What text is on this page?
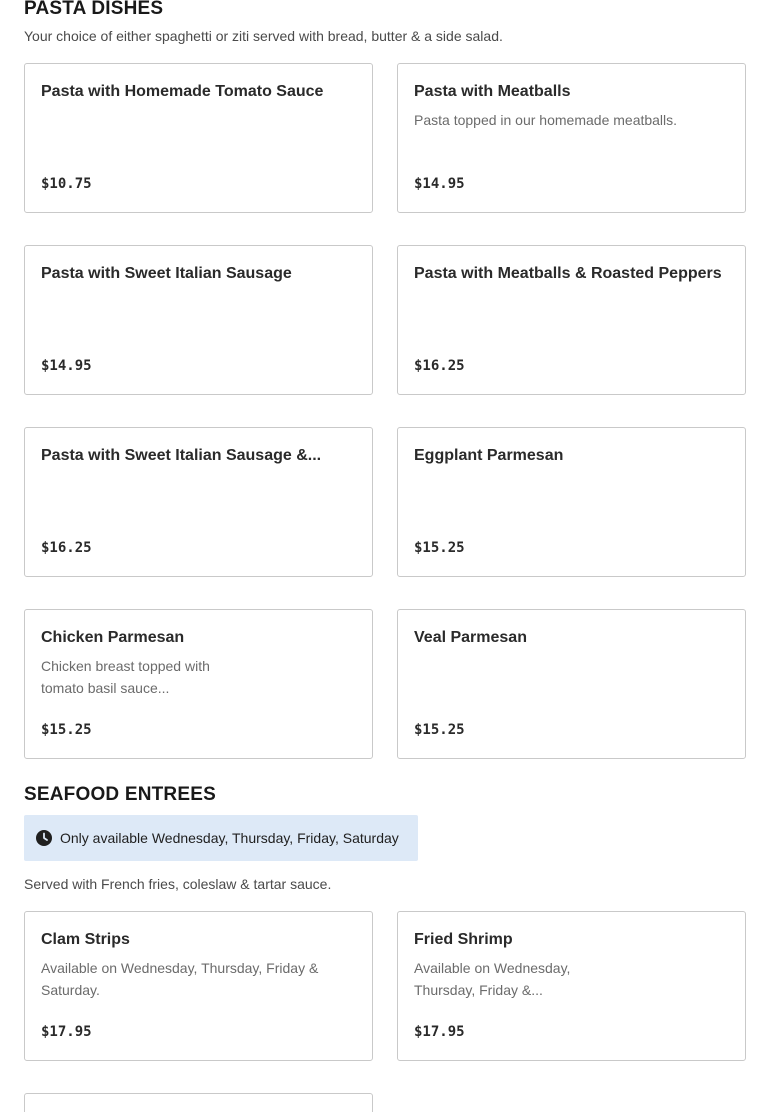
PASTA DISHES
Your choice of either spaghetti or ziti served with bread, butter & a side salad.
Pasta with Homemade Tomato Sauce
$10.75
Pasta with Meatballs
Pasta topped in our homemade meatballs.
$14.95
Pasta with Sweet Italian Sausage
$14.95
Pasta with Meatballs & Roasted Peppers
$16.25
Pasta with Sweet Italian Sausage &...
$16.25
Eggplant Parmesan
$15.25
Chicken Parmesan
Chicken breast topped with tomato basil sauce...
$15.25
Veal Parmesan
$15.25
SEAFOOD ENTREES
Only available Wednesday, Thursday, Friday, Saturday
Served with French fries, coleslaw & tartar sauce.
Clam Strips
Available on Wednesday, Thursday, Friday & Saturday.
$17.95
Fried Shrimp
Available on Wednesday, Thursday, Friday &...
$17.95
